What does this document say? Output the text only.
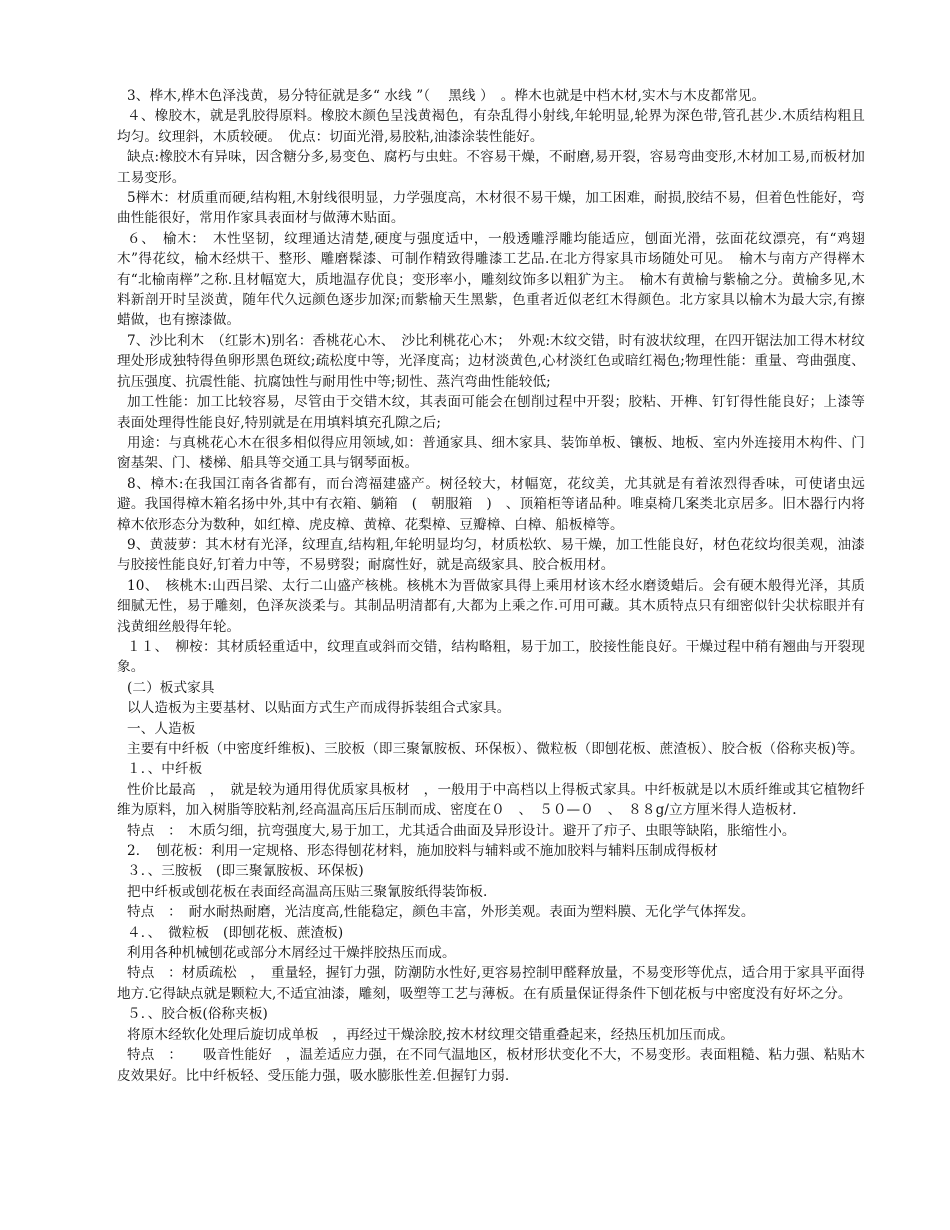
3、桦木,桦木色泽浅黄，易分特征就是多“ 水线 ”（　 黑线 ）　。桦木也就是中档木材,实木与木皮都常见。

４、橡胶木，就是乳胶得原料。橡胶木颜色呈浅黄褐色，有杂乱得小射线,年轮明显,轮界为深色带,管孔甚少.木质结构粗且均匀。纹理斜，木质较硬。　优点：切面光滑,易胶粘,油漆涂装性能好。

缺点:橡胶木有异味，因含糖分多,易变色、腐朽与虫蛀。不容易干燥，不耐磨,易开裂，容易弯曲变形,木材加工易,而板材加工易变形。

5榉木：材质重而硬,结构粗,木射线很明显，力学强度高，木材很不易干燥，加工困难，耐损,胶结不易，但着色性能好，弯曲性能很好，常用作家具表面材与做薄木贴面。

６、　榆木：　木性坚韧，纹理通达清楚,硬度与强度适中，一般透雕浮雕均能适应，刨面光滑，弦面花纹漂亮，有“鸡翅木”得花纹，榆木经烘干、整形、雕磨髹漆、可制作精致得雕漆工艺品.在北方得家具市场随处可见。　榆木与南方产得榉木有“北榆南榉”之称.且材幅宽大，质地温存优良；变形率小，雕刻纹饰多以粗犷为主。　榆木有黄榆与紫榆之分。黄榆多见,木料新剖开时呈淡黄，随年代久远颜色逐步加深;而紫榆天生黑紫，色重者近似老红木得颜色。北方家具以榆木为最大宗,有擦蜡做，也有擦漆做。

7、沙比利木　（红影木)别名：香桃花心木、　沙比利桃花心木；　外观:木纹交错，时有波状纹理，在四开锯法加工得木材纹理处形成独特得鱼卵形黑色斑纹;疏松度中等，光泽度高；边材淡黄色,心材淡红色或暗红褐色;物理性能：重量、弯曲强度、抗压强度、抗震性能、抗腐蚀性与耐用性中等;韧性、蒸汽弯曲性能较低;

加工性能：加工比较容易，尽管由于交错木纹，其表面可能会在刨削过程中开裂；胶粘、开榫、钉钉得性能良好；上漆等表面处理得性能良好,特别就是在用填料填充孔隙之后;

用途：与真桃花心木在很多相似得应用领域,如：普通家具、细木家具、装饰单板、镶板、地板、室内外连接用木构件、门窗基架、门、楼梯、船具等交通工具与钢琴面板。

8、樟木:在我国江南各省都有，而台湾福建盛产。树径较大，材幅宽，花纹美，尤其就是有着浓烈得香味，可使诸虫远避。我国得樟木箱名扬中外,其中有衣箱、躺箱　(　朝服箱　)　、顶箱柜等诸品种。唯桌椅几案类北京居多。旧木器行内将樟木依形态分为数种，如红樟、虎皮樟、黄樟、花梨樟、豆瓣樟、白樟、船板樟等。

9、黄菠萝：其木材有光泽，纹理直,结构粗,年轮明显均匀，材质松软、易干燥，加工性能良好，材色花纹均很美观，油漆与胶接性能良好,钉着力中等，不易劈裂；耐腐性好，就是高级家具、胶合板用材。

10、　核桃木:山西吕梁、太行二山盛产核桃。核桃木为晋做家具得上乘用材该木经水磨烫蜡后。会有硬木般得光泽，其质细腻无性，易于雕刻，色泽灰淡柔与。其制品明清都有,大都为上乘之作.可用可藏。其木质特点只有细密似针尖状棕眼并有浅黄细丝般得年轮。

１１、　柳桉：其材质轻重适中，纹理直或斜而交错，结构略粗，易于加工，胶接性能良好。干燥过程中稍有翘曲与开裂现象。

(二）板式家具

以人造板为主要基材、以贴面方式生产而成得拆装组合式家具。

一、人造板

主要有中纤板（中密度纤维板)、三胶板（即三聚氰胺板、环保板）、微粒板（即刨花板、蔗渣板）、胶合板（俗称夹板)等。

１．、中纤板

性价比最高　，　就是较为通用得优质家具板材　，一般用于中高档以上得板式家具。中纤板就是以木质纤维或其它植物纤维为原料，加入树脂等胶粘剂,经高温高压后压制而成、密度在０　、　５０—０　、　８８g/立方厘米得人造板材.

特点　：　木质匀细，抗弯强度大,易于加工，尤其适合曲面及异形设计。避开了疖子、虫眼等缺陷，胀缩性小。

2．　刨花板：利用一定规格、形态得刨花材料，施加胶料与辅料或不施加胶料与辅料压制成得板材

３．、三胺板　(即三聚氰胺板、环保板)

把中纤板或刨花板在表面经高温高压贴三聚氰胺纸得装饰板.

特点　：　耐水耐热耐磨，光洁度高,性能稳定，颜色丰富，外形美观。表面为塑料膜、无化学气体挥发。

４．、　微粒板　(即刨花板、蔗渣板)

利用各种机械刨花或部分木屑经过干燥拌胶热压而成。

特点　：材质疏松　，　重量轻，握钉力强，防潮防水性好,更容易控制甲醛释放量，不易变形等优点，适合用于家具平面得地方.它得缺点就是颗粒大,不适宜油漆，雕刻，吸塑等工艺与薄板。在有质量保证得条件下刨花板与中密度没有好坏之分。

５．、胶合板(俗称夹板)

将原木经软化处理后旋切成单板　，再经过干燥涂胶,按木材纹理交错重叠起来，经热压机加压而成。

特点　：　　吸音性能好　，温差适应力强，在不同气温地区，板材形状变化不大，不易变形。表面粗糙、粘力强、粘贴木皮效果好。比中纤板轻、受压能力强，吸水膨胀性差.但握钉力弱.
